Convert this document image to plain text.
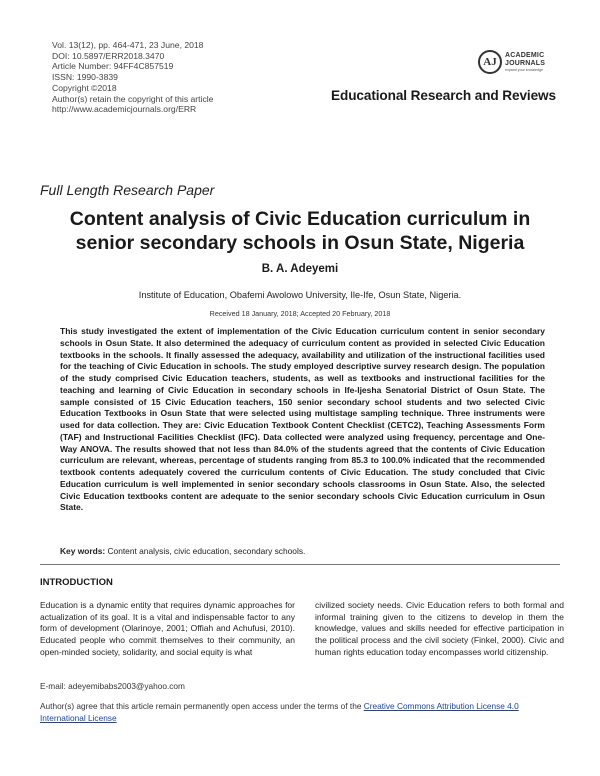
Vol. 13(12), pp. 464-471, 23 June, 2018
DOI: 10.5897/ERR2018.3470
Article Number: 94FF4C857519
ISSN: 1990-3839
Copyright ©2018
Author(s) retain the copyright of this article
http://www.academicjournals.org/ERR
AJ
ACADEMIC
JOURNALS
expand your knowledge
Educational Research and Reviews
Full Length Research Paper
Content analysis of Civic Education curriculum in senior secondary schools in Osun State, Nigeria
B. A. Adeyemi
Institute of Education, Obafemi Awolowo University, Ile-Ife, Osun State, Nigeria.
Received 18 January, 2018; Accepted 20 February, 2018
This study investigated the extent of implementation of the Civic Education curriculum content in senior secondary schools in Osun State. It also determined the adequacy of curriculum content as provided in selected Civic Education textbooks in the schools. It finally assessed the adequacy, availability and utilization of the instructional facilities used for the teaching of Civic Education in schools. The study employed descriptive survey research design. The population of the study comprised Civic Education teachers, students, as well as textbooks and instructional facilities for the teaching and learning of Civic Education in secondary schools in Ife-Ijesha Senatorial District of Osun State. The sample consisted of 15 Civic Education teachers, 150 senior secondary school students and two selected Civic Education Textbooks in Osun State that were selected using multistage sampling technique. Three instruments were used for data collection. They are: Civic Education Textbook Content Checklist (CETC2), Teaching Assessments Form (TAF) and Instructional Facilities Checklist (IFC). Data collected were analyzed using frequency, percentage and One-Way ANOVA. The results showed that not less than 84.0% of the students agreed that the contents of Civic Education curriculum are relevant, whereas, percentage of students ranging from 85.3 to 100.0% indicated that the recommended textbook contents adequately covered the curriculum contents of Civic Education. The study concluded that Civic Education curriculum is well implemented in senior secondary schools classrooms in Osun State. Also, the selected Civic Education textbooks content are adequate to the senior secondary schools Civic Education curriculum in Osun State.
Key words: Content analysis, civic education, secondary schools.
INTRODUCTION
Education is a dynamic entity that requires dynamic approaches for actualization of its goal. It is a vital and indispensable factor to any form of development (Olarinoye, 2001; Offiah and Achufusi, 2010). Educated people who commit themselves to their community, an open-minded society, solidarity, and social equity is what
civilized society needs. Civic Education refers to both formal and informal training given to the citizens to develop in them the knowledge, values and skills needed for effective participation in the political process and the civil society (Finkel, 2000). Civic and human rights education today encompasses world citizenship.
E-mail: adeyemibabs2003@yahoo.com
Author(s) agree that this article remain permanently open access under the terms of the Creative Commons Attribution License 4.0 International License
